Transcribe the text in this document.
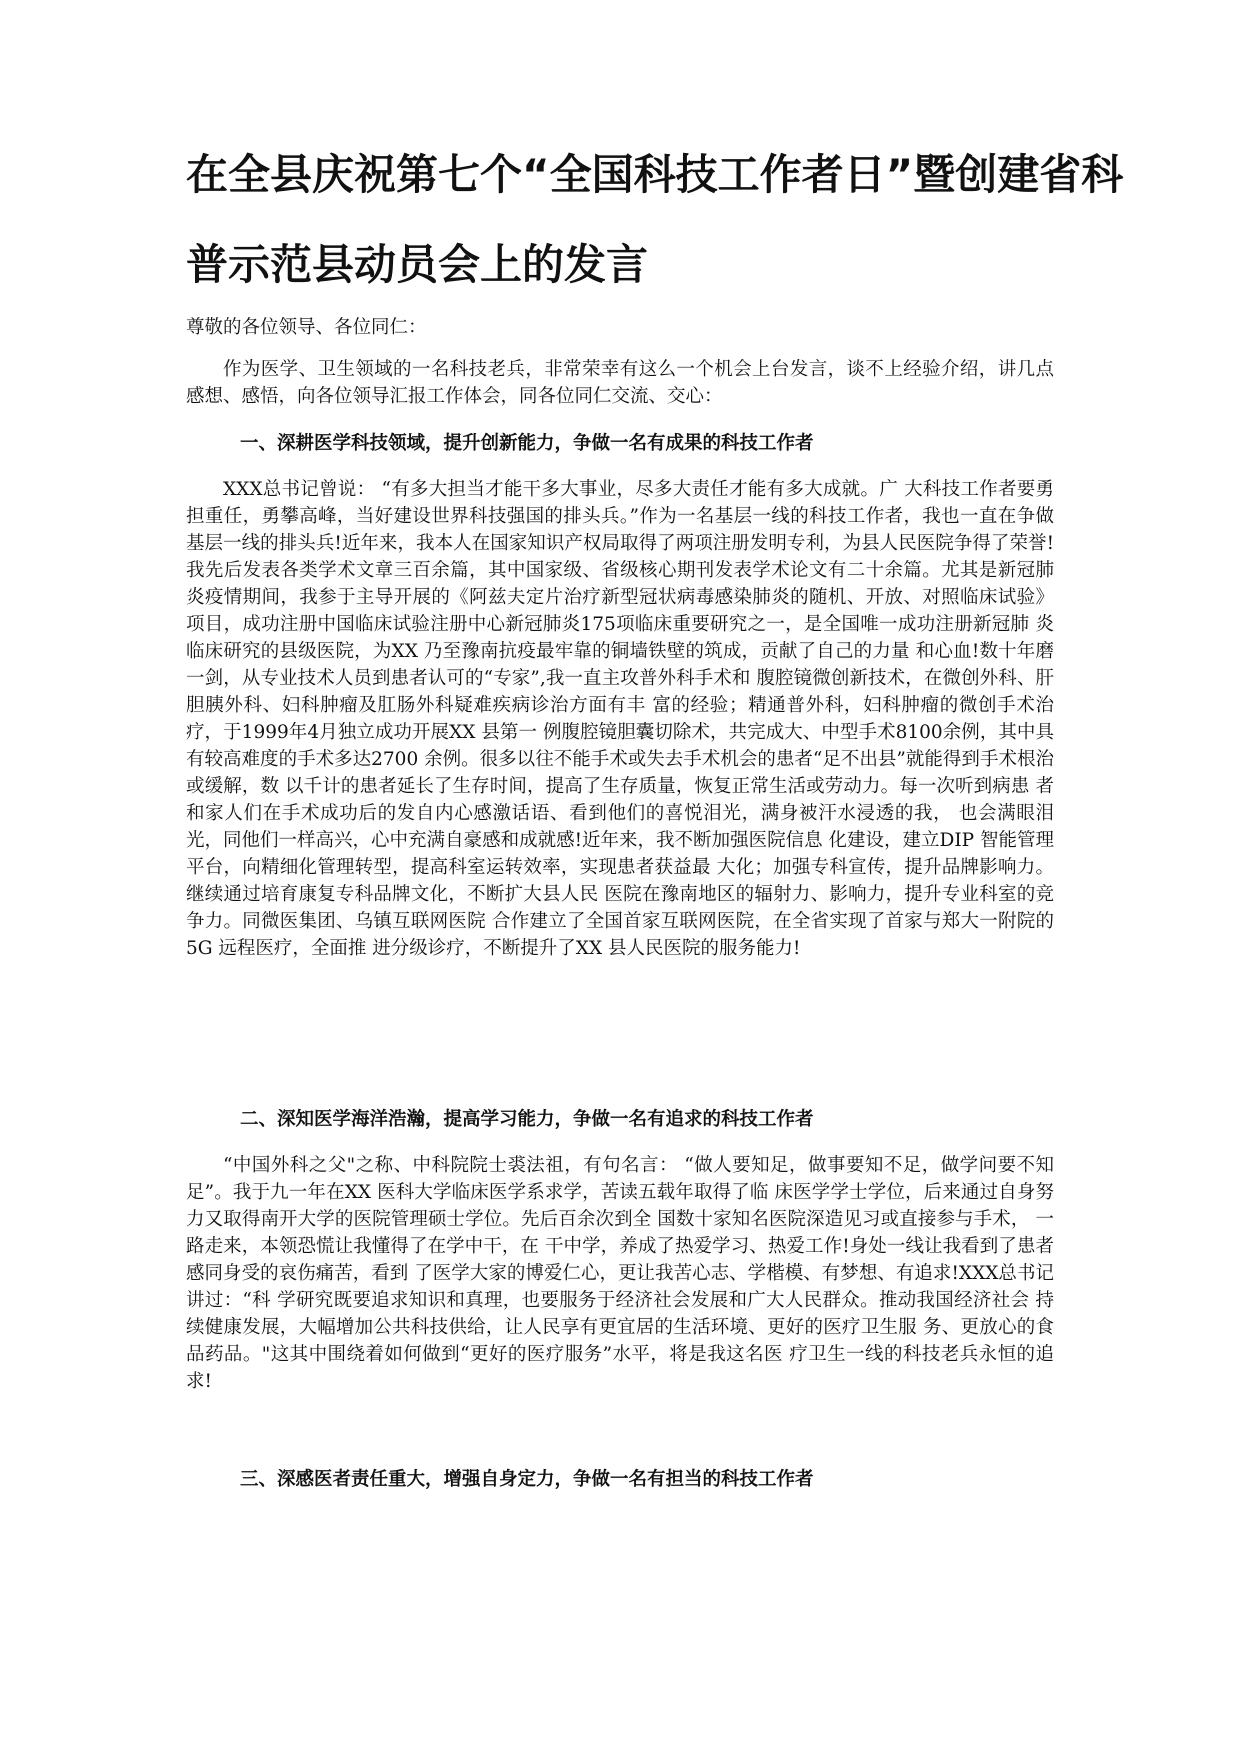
在全县庆祝第七个“全国科技工作者日”暨创建省科
普示范县动员会上的发言

尊敬的各位领导、各位同仁：

作为医学、卫生领域的一名科技老兵，非常荣幸有这么一个机会上台发言，谈不上经验介绍，讲几点感想、感悟，向各位领导汇报工作体会，同各位同仁交流、交心：

一、深耕医学科技领域，提升创新能力，争做一名有成果的科技工作者

XXX总书记曾说： “有多大担当才能干多大事业，尽多大责任才能有多大成就。广 大科技工作者要勇担重任，勇攀高峰，当好建设世界科技强国的排头兵。”作为一名基层一线的科技工作者，我也一直在争做基层一线的排头兵!近年来，我本人在国家知识产权局取得了两项注册发明专利，为县人民医院争得了荣誉!我先后发表各类学术文章三百余篇，其中国家级、省级核心期刊发表学术论文有二十余篇。尤其是新冠肺炎疫情期间，我参于主导开展的《阿兹夫定片治疗新型冠状病毒感染肺炎的随机、开放、对照临床试验》项目，成功注册中国临床试验注册中心新冠肺炎175项临床重要研究之一，是全国唯一成功注册新冠肺 炎临床研究的县级医院，为XX 乃至豫南抗疫最牢靠的铜墙铁壁的筑成，贡献了自己的力量 和心血!数十年磨一剑，从专业技术人员到患者认可的“专家”,我一直主攻普外科手术和 腹腔镜微创新技术，在微创外科、肝胆胰外科、妇科肿瘤及肛肠外科疑难疾病诊治方面有丰 富的经验；精通普外科，妇科肿瘤的微创手术治疗，于1999年4月独立成功开展XX 县第一 例腹腔镜胆囊切除术，共完成大、中型手术8100余例，其中具有较高难度的手术多达2700 余例。很多以往不能手术或失去手术机会的患者“足不出县”就能得到手术根治或缓解，数 以千计的患者延长了生存时间，提高了生存质量，恢复正常生活或劳动力。每一次听到病患 者和家人们在手术成功后的发自内心感激话语、看到他们的喜悦泪光，满身被汗水浸透的我， 也会满眼泪光，同他们一样高兴，心中充满自豪感和成就感!近年来，我不断加强医院信息 化建设，建立DIP 智能管理平台，向精细化管理转型，提高科室运转效率，实现患者获益最 大化；加强专科宣传，提升品牌影响力。继续通过培育康复专科品牌文化，不断扩大县人民 医院在豫南地区的辐射力、影响力，提升专业科室的竞争力。同微医集团、乌镇互联网医院 合作建立了全国首家互联网医院，在全省实现了首家与郑大一附院的5G 远程医疗，全面推 进分级诊疗，不断提升了XX 县人民医院的服务能力!

二、深知医学海洋浩瀚，提高学习能力，争做一名有追求的科技工作者

“中国外科之父"之称、中科院院士裘法祖，有句名言： “做人要知足，做事要知不足，做学问要不知足”。我于九一年在XX 医科大学临床医学系求学，苦读五载年取得了临 床医学学士学位，后来通过自身努力又取得南开大学的医院管理硕士学位。先后百余次到全 国数十家知名医院深造见习或直接参与手术， 一路走来，本领恐慌让我懂得了在学中干，在 干中学，养成了热爱学习、热爱工作!身处一线让我看到了患者感同身受的哀伤痛苦，看到 了医学大家的博爱仁心，更让我苦心志、学楷模、有梦想、有追求!XXX总书记讲过：“科 学研究既要追求知识和真理，也要服务于经济社会发展和广大人民群众。推动我国经济社会 持续健康发展，大幅增加公共科技供给，让人民享有更宜居的生活环境、更好的医疗卫生服 务、更放心的食品药品。"这其中围绕着如何做到“更好的医疗服务”水平，将是我这名医 疗卫生一线的科技老兵永恒的追求!

三、深感医者责任重大，增强自身定力，争做一名有担当的科技工作者
